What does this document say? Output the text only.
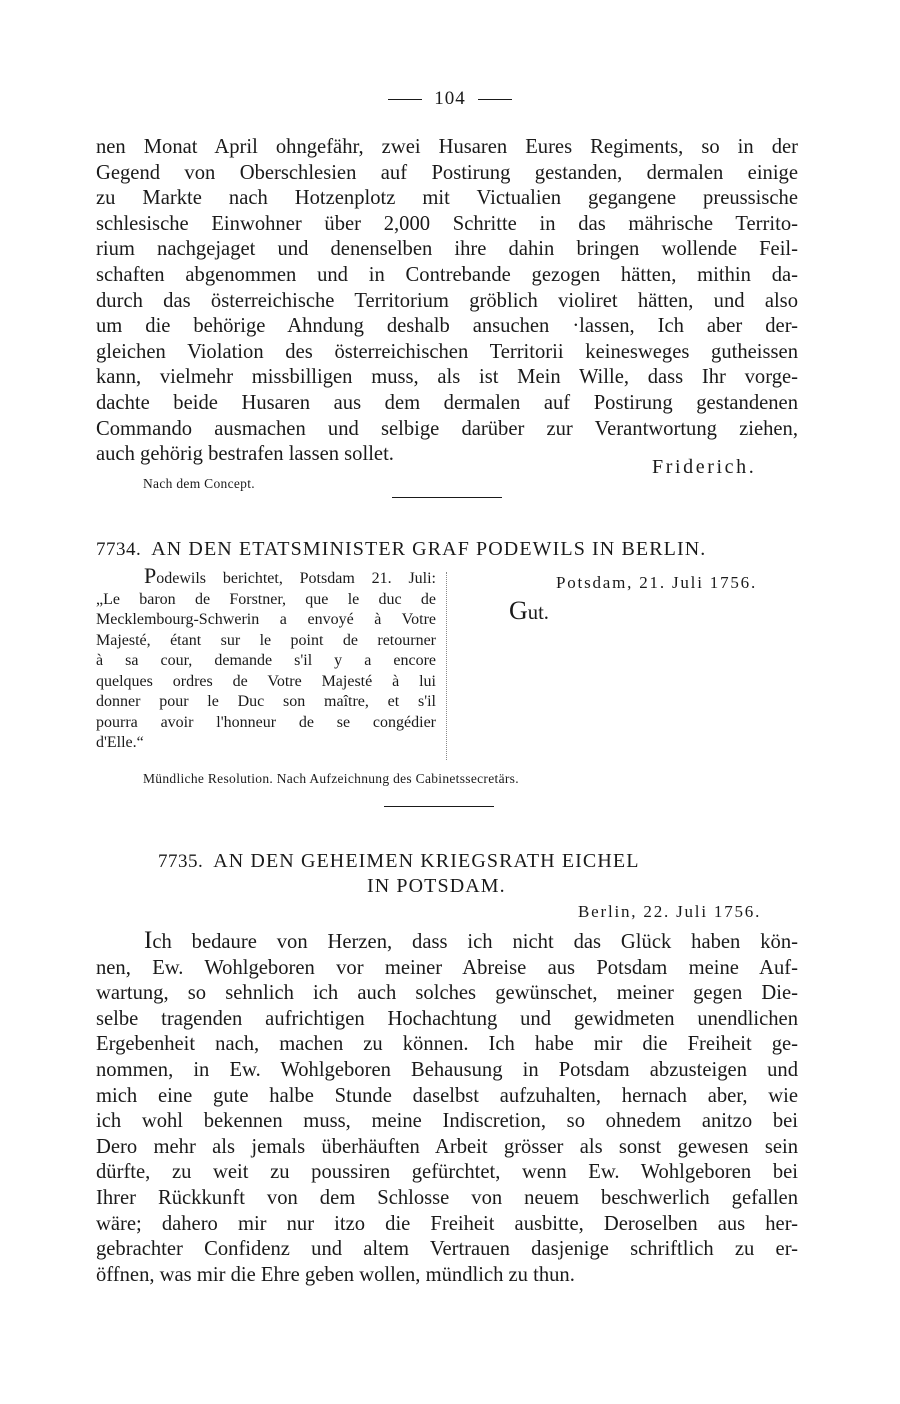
104
nen Monat April ohngefähr, zwei Husaren Eures Regiments, so in der
Gegend von Oberschlesien auf Postirung gestanden, dermalen einige
zu Markte nach Hotzenplotz mit Victualien gegangene preussische
schlesische Einwohner über 2,000 Schritte in das mährische Territo-
rium nachgejaget und denenselben ihre dahin bringen wollende Feil-
schaften abgenommen und in Contrebande gezogen hätten, mithin da-
durch das österreichische Territorium gröblich violiret hätten, und also
um die behörige Ahndung deshalb ansuchen ·lassen, Ich aber der-
gleichen Violation des österreichischen Territorii keinesweges gutheissen
kann, vielmehr missbilligen muss, als ist Mein Wille, dass Ihr vorge-
dachte beide Husaren aus dem dermalen auf Postirung gestandenen
Commando ausmachen und selbige darüber zur Verantwortung ziehen,
auch gehörig bestrafen lassen sollet.
Friderich.
Nach dem Concept.
7734. AN DEN ETATSMINISTER GRAF PODEWILS IN BERLIN.
Podewils berichtet, Potsdam 21. Juli:
„Le baron de Forstner, que le duc de
Mecklembourg-Schwerin a envoyé à Votre
Majesté, étant sur le point de retourner
à sa cour, demande s'il y a encore
quelques ordres de Votre Majesté à lui
donner pour le Duc son maître, et s'il
pourra avoir l'honneur de se congédier
d'Elle.“
Potsdam, 21. Juli 1756.
Gut.
Mündliche Resolution. Nach Aufzeichnung des Cabinetssecretärs.
7735. AN DEN GEHEIMEN KRIEGSRATH EICHEL
IN POTSDAM.
Berlin, 22. Juli 1756.
Ich bedaure von Herzen, dass ich nicht das Glück haben kön-
nen, Ew. Wohlgeboren vor meiner Abreise aus Potsdam meine Auf-
wartung, so sehnlich ich auch solches gewünschet, meiner gegen Die-
selbe tragenden aufrichtigen Hochachtung und gewidmeten unendlichen
Ergebenheit nach, machen zu können. Ich habe mir die Freiheit ge-
nommen, in Ew. Wohlgeboren Behausung in Potsdam abzusteigen und
mich eine gute halbe Stunde daselbst aufzuhalten, hernach aber, wie
ich wohl bekennen muss, meine Indiscretion, so ohnedem anitzo bei
Dero mehr als jemals überhäuften Arbeit grösser als sonst gewesen sein
dürfte, zu weit zu poussiren gefürchtet, wenn Ew. Wohlgeboren bei
Ihrer Rückkunft von dem Schlosse von neuem beschwerlich gefallen
wäre; dahero mir nur itzo die Freiheit ausbitte, Deroselben aus her-
gebrachter Confidenz und altem Vertrauen dasjenige schriftlich zu er-
öffnen, was mir die Ehre geben wollen, mündlich zu thun.
